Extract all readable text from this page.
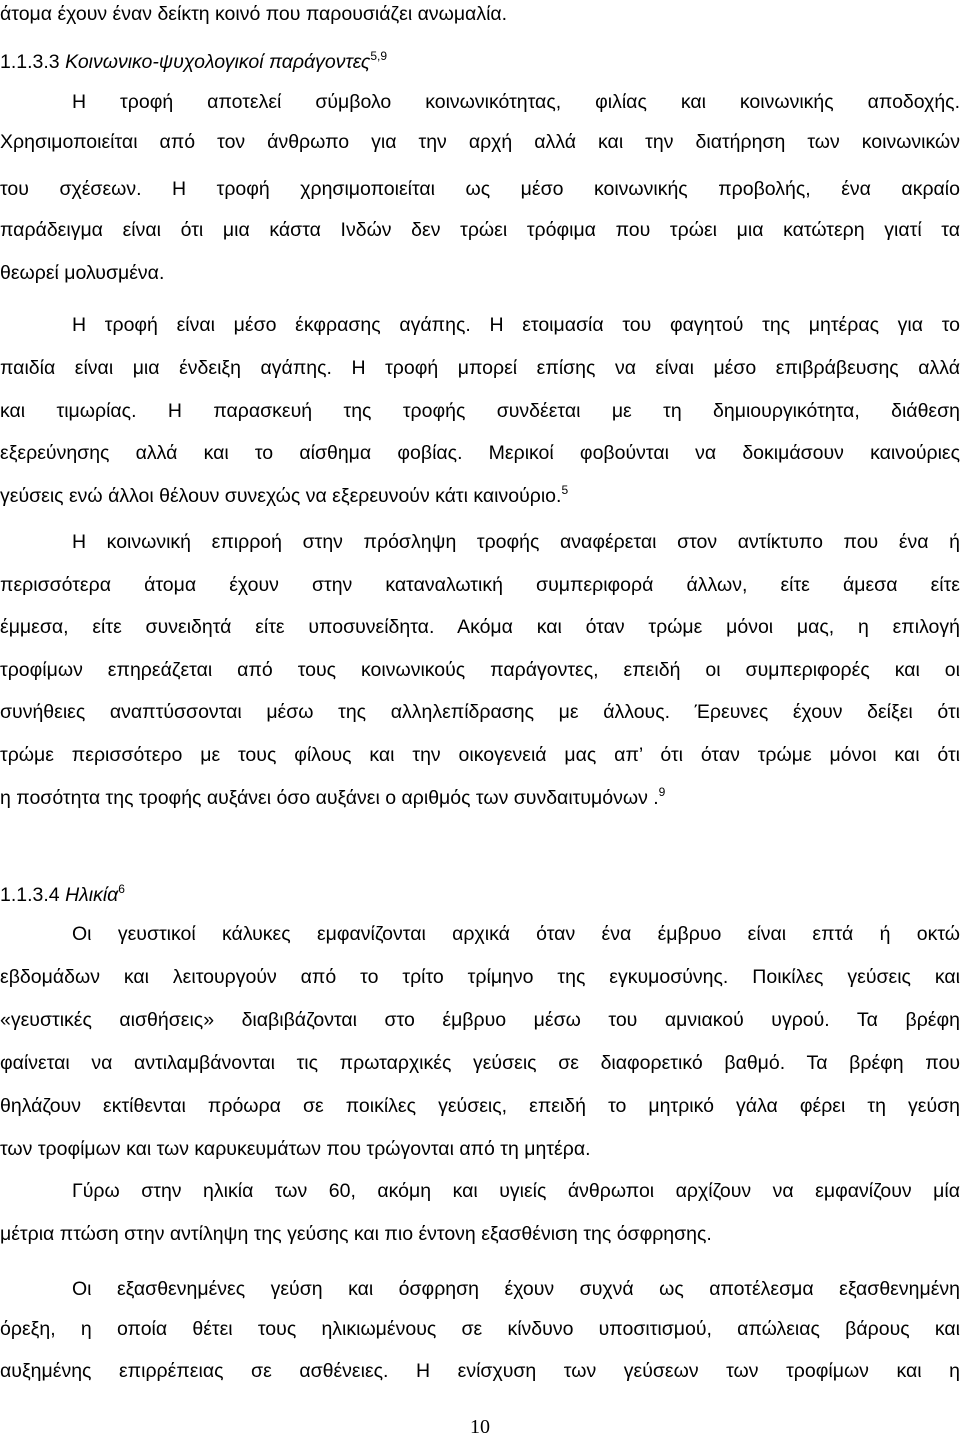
άτομα έχουν έναν δείκτη κοινό που παρουσιάζει ανωμαλία.
1.1.3.3 Κοινωνικο-ψυχολογικοί παράγοντες$^{5,9}$
Η τροφή αποτελεί σύμβολο κοινωνικότητας, φιλίας και κοινωνικής αποδοχής.
Χρησιμοποιείται από τον άνθρωπο για την αρχή αλλά και την διατήρηση των κοινωνικών
του σχέσεων. Η τροφή χρησιμοποιείται ως μέσο κοινωνικής προβολής, ένα ακραίο
παράδειγμα είναι ότι μια κάστα Ινδών δεν τρώει τρόφιμα που τρώει μια κατώτερη γιατί τα
θεωρεί μολυσμένα.
Η τροφή είναι μέσο έκφρασης αγάπης. Η ετοιμασία του φαγητού της μητέρας για το
παιδία είναι μια ένδειξη αγάπης. Η τροφή μπορεί επίσης να είναι μέσο επιβράβευσης αλλά
και τιμωρίας. Η παρασκευή της τροφής συνδέεται με τη δημιουργικότητα, διάθεση
εξερεύνησης αλλά και το αίσθημα φοβίας. Μερικοί φοβούνται να δοκιμάσουν καινούριες
γεύσεις ενώ άλλοι θέλουν συνεχώς να εξερευνούν κάτι καινούριο.$^5$
Η κοινωνική επιρροή στην πρόσληψη τροφής αναφέρεται στον αντίκτυπο που ένα ή
περισσότερα άτομα έχουν στην καταναλωτική συμπεριφορά άλλων, είτε άμεσα είτε
έμμεσα, είτε συνειδητά είτε υποσυνείδητα. Ακόμα και όταν τρώμε μόνοι μας, η επιλογή
τροφίμων επηρεάζεται από τους κοινωνικούς παράγοντες, επειδή οι συμπεριφορές και οι
συνήθειες αναπτύσσονται μέσω της αλληλεπίδρασης με άλλους. Έρευνες έχουν δείξει ότι
τρώμε περισσότερο με τους φίλους και την οικογενειά μας απ’ ότι όταν τρώμε μόνοι και ότι
η ποσότητα της τροφής αυξάνει όσο αυξάνει ο αριθμός των συνδαιτυμόνων .$^9$
1.1.3.4 Ηλικία$^6$
Οι γευστικοί κάλυκες εμφανίζονται αρχικά όταν ένα έμβρυο είναι επτά ή οκτώ
εβδομάδων και λειτουργούν από το τρίτο τρίμηνο της εγκυμοσύνης. Ποικίλες γεύσεις και
«γευστικές αισθήσεις» διαβιβάζονται στο έμβρυο μέσω του αμνιακού υγρού. Τα βρέφη
φαίνεται να αντιλαμβάνονται τις πρωταρχικές γεύσεις σε διαφορετικό βαθμό. Τα βρέφη που
θηλάζουν εκτίθενται πρόωρα σε ποικίλες γεύσεις, επειδή το μητρικό γάλα φέρει τη γεύση
των τροφίμων και των καρυκευμάτων που τρώγονται από τη μητέρα.
Γύρω στην ηλικία των 60, ακόμη και υγιείς άνθρωποι αρχίζουν να εμφανίζουν μία
μέτρια πτώση στην αντίληψη της γεύσης και πιο έντονη εξασθένιση της όσφρησης.
Οι εξασθενημένες γεύση και όσφρηση έχουν συχνά ως αποτέλεσμα εξασθενημένη
όρεξη, η οποία θέτει τους ηλικιωμένους σε κίνδυνο υποσιτισμού, απώλειας βάρους και
αυξημένης επιρρέπειας σε ασθένειες. Η ενίσχυση των γεύσεων των τροφίμων και η
10
